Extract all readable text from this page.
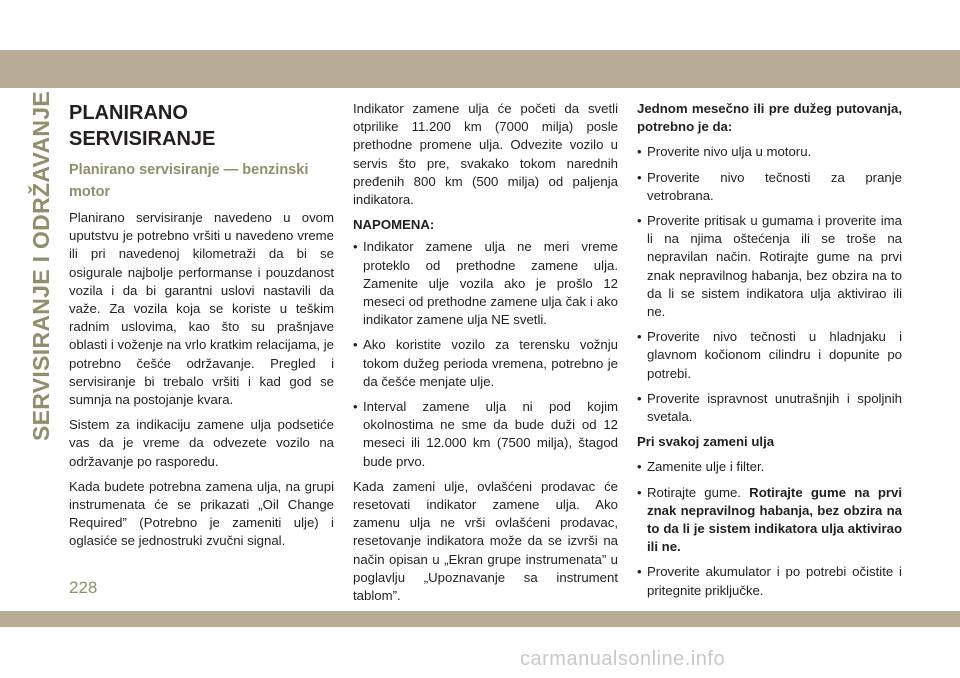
SERVISIRANJE I ODRŽAVANJE PLANIRANO SERVISIRANJE
Planirano servisiranje — benzinski motor

Planirano servisiranje navedeno u ovom uputstvu je potrebno vršiti u navedeno vreme ili pri navedenoj kilometraži da bi se osigurale najbolje performanse i pouzdanost vozila i da bi garantni uslovi nastavili da važe. Za vozila koja se koriste u teškim radnim uslovima, kao što su prašnjave oblasti i voženje na vrlo kratkim relacijama, je potrebno češće održavanje. Pregled i servisiranje bi trebalo vršiti i kad god se sumnja na postojanje kvara.

Sistem za indikaciju zamene ulja podsetiće vas da je vreme da odvezete vozilo na održavanje po rasporedu.

Kada budete potrebna zamena ulja, na grupi instrumenata će se prikazati „Oil Change Required” (Potrebno je zameniti ulje) i oglasiće se jednostruki zvučni signal.

Indikator zamene ulja će početi da svetli otprilike 11.200 km (7000 milja) posle prethodne promene ulja. Odvezite vozilo u servis što pre, svakako tokom narednih pređenih 800 km (500 milja) od paljenja indikatora.

NAPOMENA:
• Indikator zamene ulja ne meri vreme proteklo od prethodne zamene ulja. Zamenite ulje vozila ako je prošlo 12 meseci od prethodne zamene ulja čak i ako indikator zamene ulja NE svetli.
• Ako koristite vozilo za terensku vožnju tokom dužeg perioda vremena, potrebno je da češće menjate ulje.
• Interval zamene ulja ni pod kojim okolnostima ne sme da bude duži od 12 meseci ili 12.000 km (7500 milja), štagod bude prvo.

Kada zameni ulje, ovlašćeni prodavac će resetovati indikator zamene ulja. Ako zamenu ulja ne vrši ovlašćeni prodavac, resetovanje indikatora može da se izvrši na način opisan u „Ekran grupe instrumenata” u poglavlju „Upoznavanje sa instrument tablom”.

Jednom mesečno ili pre dužeg putovanja, potrebno je da:

• Proverite nivo ulja u motoru.
• Proverite nivo tečnosti za pranje vetrobrana.
• Proverite pritisak u gumama i proverite ima li na njima oštećenja ili se troše na nepravilan način. Rotirajte gume na prvi znak nepravilnog habanja, bez obzira na to da li se sistem indikatora ulja aktivirao ili ne.
• Proverite nivo tečnosti u hladnjaku i glavnom kočionom cilindru i dopunite po potrebi.
• Proverite ispravnost unutrašnjih i spoljnih svetala.

Pri svakoj zameni ulja

• Zamenite ulje i filter.
• Rotirajte gume. Rotirajte gume na prvi znak nepravilnog habanja, bez obzira na to da li je sistem indikatora ulja aktivirao ili ne.
• Proverite akumulator i po potrebi očistite i pritegnite priključke.
228
carmanualsonline.info
